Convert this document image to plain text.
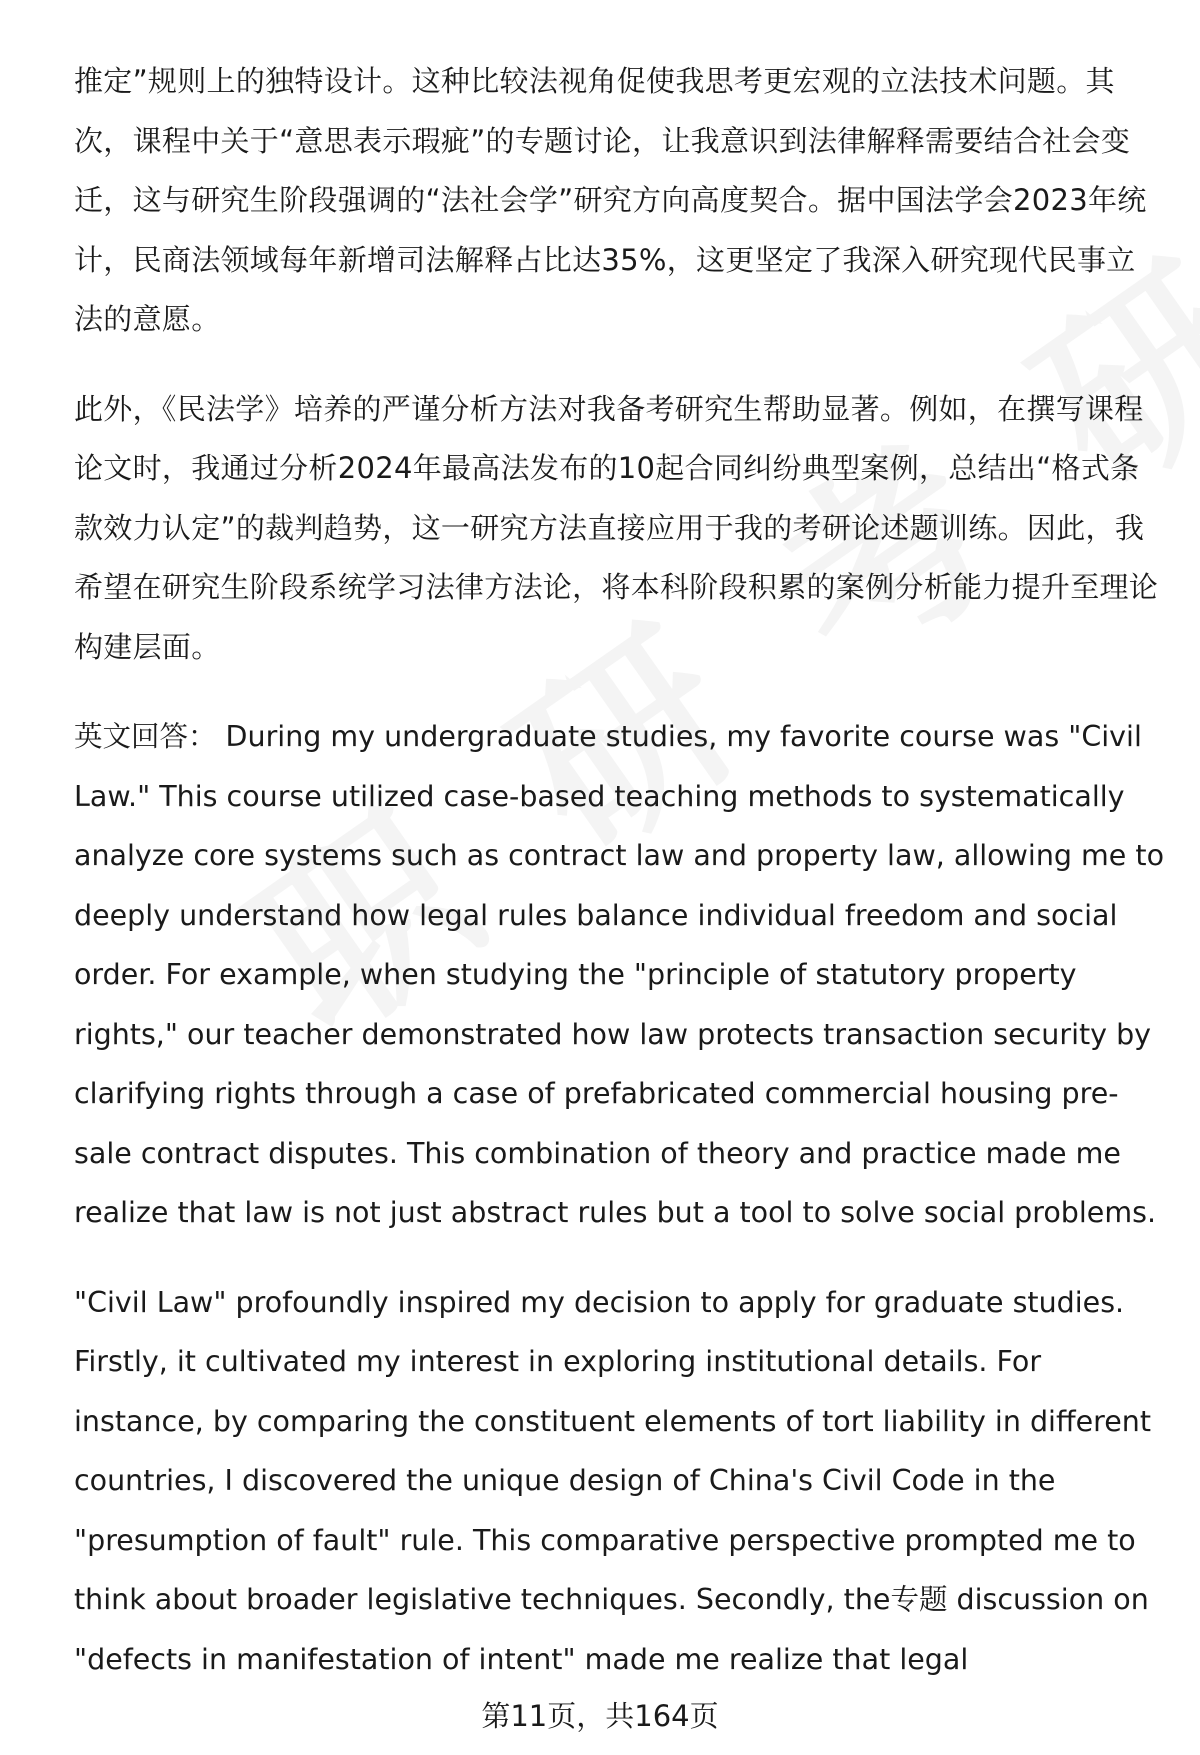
推定”规则上的独特设计。这种比较法视角促使我思考更宏观的立法技术问题。其次，课程中关于“意思表示瑕疵”的专题讨论，让我意识到法律解释需要结合社会变迁，这与研究生阶段强调的“法社会学”研究方向高度契合。据中国法学会2023年统计，民商法领域每年新增司法解释占比达35%，这更坚定了我深入研究现代民事立法的意愿。

此外，《民法学》培养的严谨分析方法对我备考研究生帮助显著。例如，在撰写课程论文时，我通过分析2024年最高法发布的10起合同纠纷典型案例，总结出“格式条款效力认定”的裁判趋势，这一研究方法直接应用于我的考研论述题训练。因此，我希望在研究生阶段系统学习法律方法论，将本科阶段积累的案例分析能力提升至理论构建层面。

英文回答： During my undergraduate studies, my favorite course was "Civil Law." This course utilized case-based teaching methods to systematically analyze core systems such as contract law and property law, allowing me to deeply understand how legal rules balance individual freedom and social order. For example, when studying the "principle of statutory property rights," our teacher demonstrated how law protects transaction security by clarifying rights through a case of prefabricated commercial housing pre-sale contract disputes. This combination of theory and practice made me realize that law is not just abstract rules but a tool to solve social problems.

"Civil Law" profoundly inspired my decision to apply for graduate studies. Firstly, it cultivated my interest in exploring institutional details. For instance, by comparing the constituent elements of tort liability in different countries, I discovered the unique design of China's Civil Code in the "presumption of fault" rule. This comparative perspective prompted me to think about broader legislative techniques. Secondly, the专题 discussion on "defects in manifestation of intent" made me realize that legal

第11页，共164页
